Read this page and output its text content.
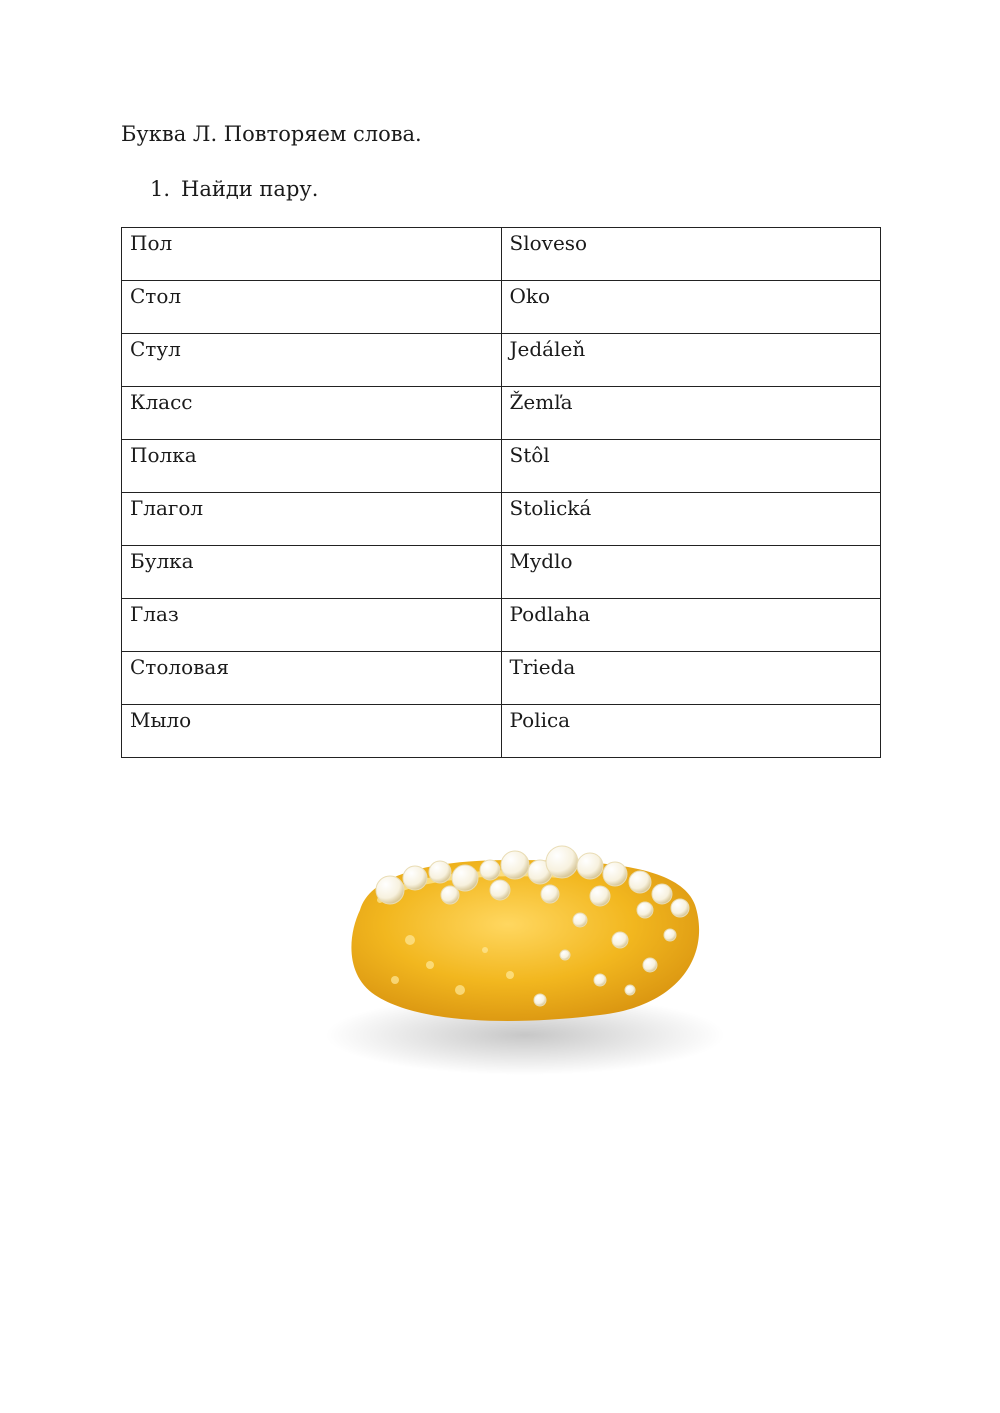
Буква Л. Повторяем слова.
1. Найди пару.
Пол	Sloveso

Стол	Oko

Стул	Jedáleň

Класс	Žemľa

Полка	Stôl

Глагол	Stolická

Булка	Mydlo

Глаз	Podlaha

Столовая	Trieda

Мыло	Polica
